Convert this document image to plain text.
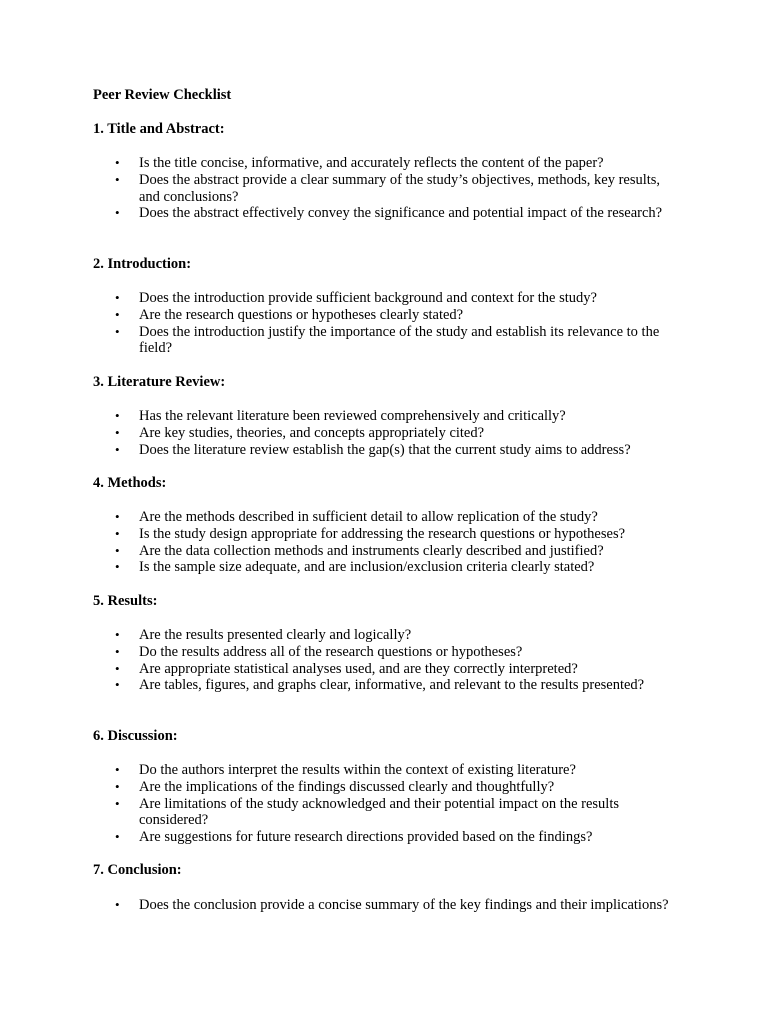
Peer Review Checklist
1. Title and Abstract:
•	Is the title concise, informative, and accurately reflects the content of the paper?
•	Does the abstract provide a clear summary of the study’s objectives, methods, key results, and conclusions?
•	Does the abstract effectively convey the significance and potential impact of the research?
2. Introduction:
•	Does the introduction provide sufficient background and context for the study?
•	Are the research questions or hypotheses clearly stated?
•	Does the introduction justify the importance of the study and establish its relevance to the field?
3. Literature Review:
•	Has the relevant literature been reviewed comprehensively and critically?
•	Are key studies, theories, and concepts appropriately cited?
•	Does the literature review establish the gap(s) that the current study aims to address?
4. Methods:
•	Are the methods described in sufficient detail to allow replication of the study?
•	Is the study design appropriate for addressing the research questions or hypotheses?
•	Are the data collection methods and instruments clearly described and justified?
•	Is the sample size adequate, and are inclusion/exclusion criteria clearly stated?
5. Results:
•	Are the results presented clearly and logically?
•	Do the results address all of the research questions or hypotheses?
•	Are appropriate statistical analyses used, and are they correctly interpreted?
•	Are tables, figures, and graphs clear, informative, and relevant to the results presented?
6. Discussion:
•	Do the authors interpret the results within the context of existing literature?
•	Are the implications of the findings discussed clearly and thoughtfully?
•	Are limitations of the study acknowledged and their potential impact on the results considered?
•	Are suggestions for future research directions provided based on the findings?
7. Conclusion:
•	Does the conclusion provide a concise summary of the key findings and their implications?
